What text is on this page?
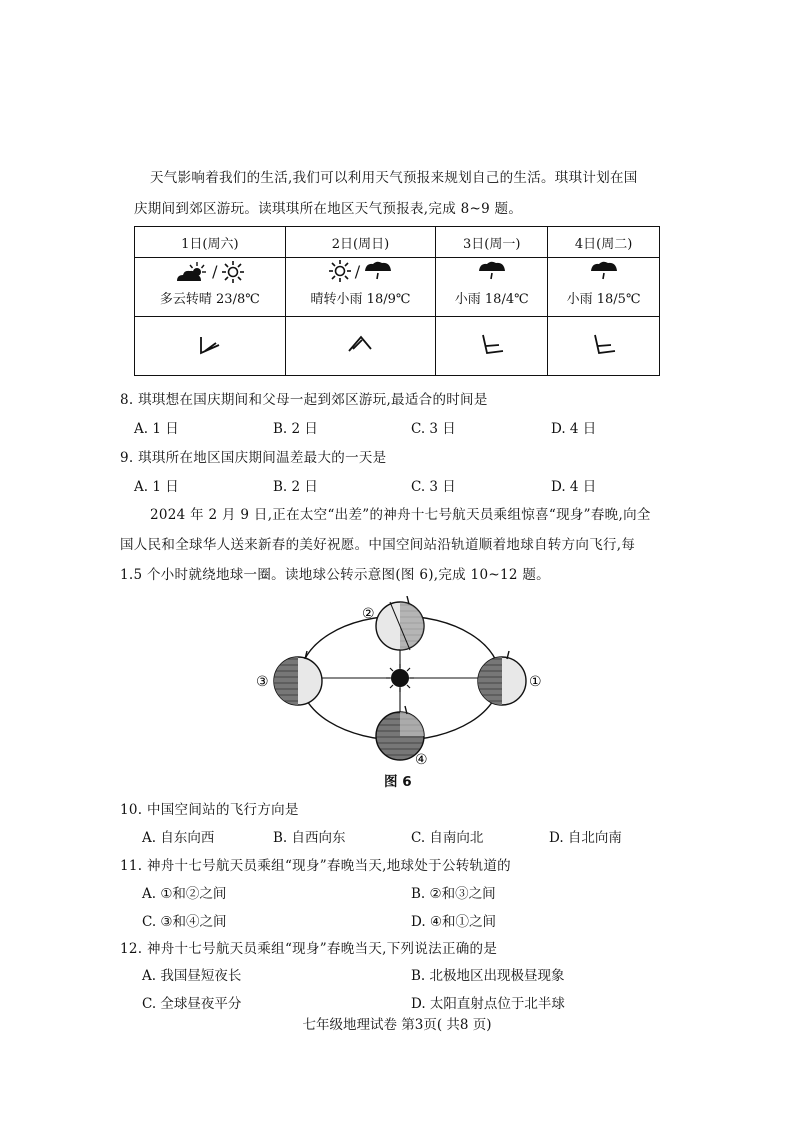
天气影响着我们的生活,我们可以利用天气预报来规划自己的生活。琪琪计划在国
庆期间到郊区游玩。读琪琪所在地区天气预报表,完成 8~9 题。
1日(周六)	2日(周日)	3日(周一)	4日(周二)

/	/

多云转晴 23/8℃	晴转小雨 18/9℃	小雨 18/4℃	小雨 18/5℃

8. 琪琪想在国庆期间和父母一起到郊区游玩,最适合的时间是
A. 1 日	B. 2 日	C. 3 日	D. 4 日
9. 琪琪所在地区国庆期间温差最大的一天是
A. 1 日	B. 2 日	C. 3 日	D. 4 日
2024 年 2 月 9 日,正在太空“出差”的神舟十七号航天员乘组惊喜“现身”春晚,向全
国人民和全球华人送来新春的美好祝愿。中国空间站沿轨道顺着地球自转方向飞行,每
1.5 个小时就绕地球一圈。读地球公转示意图(图 6),完成 10~12 题。
②
③	①
④
图 6
10. 中国空间站的飞行方向是
A. 自东向西	B. 自西向东	C. 自南向北	D. 自北向南
11. 神舟十七号航天员乘组“现身”春晚当天,地球处于公转轨道的
A. ①和②之间	B. ②和③之间
C. ③和④之间	D. ④和①之间
12. 神舟十七号航天员乘组“现身”春晚当天,下列说法正确的是
A. 我国昼短夜长	B. 北极地区出现极昼现象
C. 全球昼夜平分	D. 太阳直射点位于北半球
七年级地理试卷 第3页( 共8 页)
